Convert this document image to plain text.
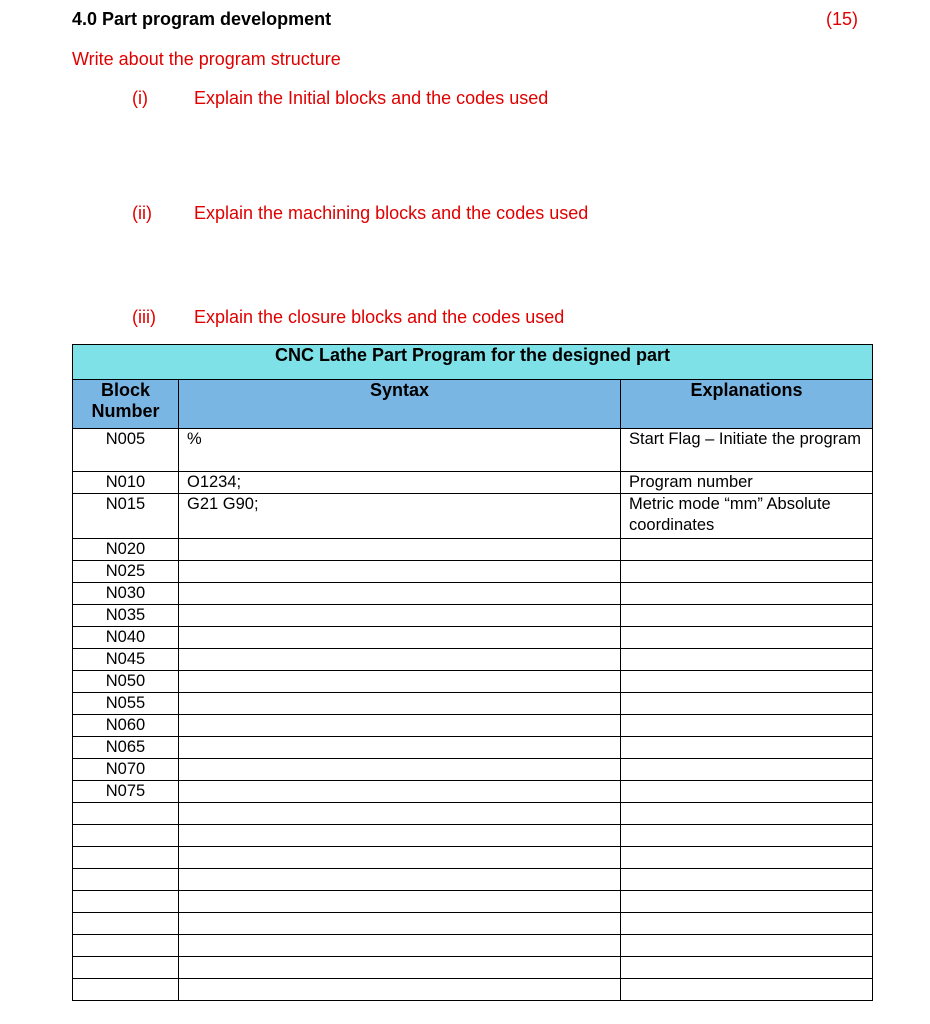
4.0 Part program development	(15)
Write about the program structure
(i)	Explain the Initial blocks and the codes used
(ii) Explain the machining blocks and the codes used
(iii) Explain the closure blocks and the codes used
CNC Lathe Part Program for the designed part		
Block
Number	Syntax	Explanations
N005	%	Start Flag – Initiate the program
N010	O1234;	Program number
N015	G21 G90;	Metric mode “mm” Absolute coordinates
N020		
N025		
N030		
N035		
N040		
N045		
N050		
N055		
N060		
N065		
N070		
N075		
